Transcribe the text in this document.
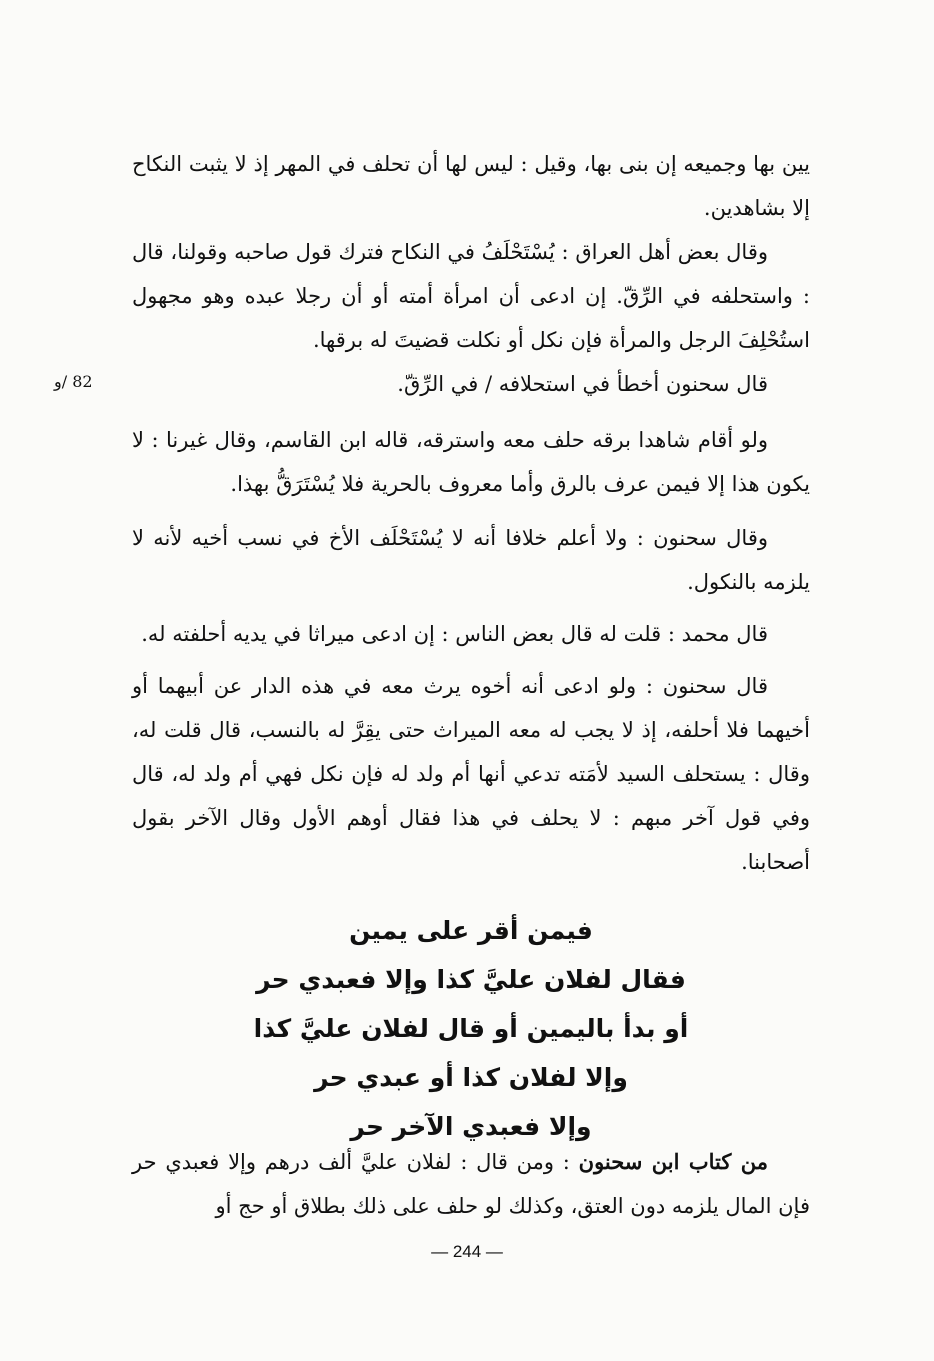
يين بها وجميعه إن بنى بها، وقيل : ليس لها أن تحلف في المهر إذ لا يثبت النكاح إلا بشاهدين.

وقال بعض أهل العراق : يُسْتَحْلَفُ في النكاح فترك قول صاحبه وقولنا، قال : واستحلفه في الرِّقّ. إن ادعى أن امرأة أمته أو أن رجلا عبده وهو مجهول استُحْلِفَ الرجل والمرأة فإن نكل أو نكلت قضيتَ له برقها.

قال سحنون أخطأ في استحلافه / في الرِّقّ.

82 /و

ولو أقام شاهدا برقه حلف معه واسترقه، قاله ابن القاسم، وقال غيرنا : لا يكون هذا إلا فيمن عرف بالرق وأما معروف بالحرية فلا يُسْتَرَقُّ بهذا.

وقال سحنون : ولا أعلم خلافا أنه لا يُسْتَحْلَف الأخ في نسب أخيه لأنه لا يلزمه بالنكول.

قال محمد : قلت له قال بعض الناس : إن ادعى ميراثا في يديه أحلفته له.

قال سحنون : ولو ادعى أنه أخوه يرث معه في هذه الدار عن أبيهما أو أخيهما فلا أحلفه، إذ لا يجب له معه الميراث حتى يقِرَّ له بالنسب، قال قلت له، وقال : يستحلف السيد لأمَته تدعي أنها أم ولد له فإن نكل فهي أم ولد له، قال وفي قول آخر مبهم : لا يحلف في هذا فقال أوهم الأول وقال الآخر بقول أصحابنا.

فيمن أقر على يمين
فقال لفلان عليَّ كذا وإلا فعبدي حر
أو بدأ باليمين أو قال لفلان عليَّ كذا
وإلا لفلان كذا أو عبدي حر
وإلا فعبدي الآخر حر

من كتاب ابن سحنون : ومن قال : لفلان عليَّ ألف درهم وإلا فعبدي حر فإن المال يلزمه دون العتق، وكذلك لو حلف على ذلك بطلاق أو حج أو

— 244 —
